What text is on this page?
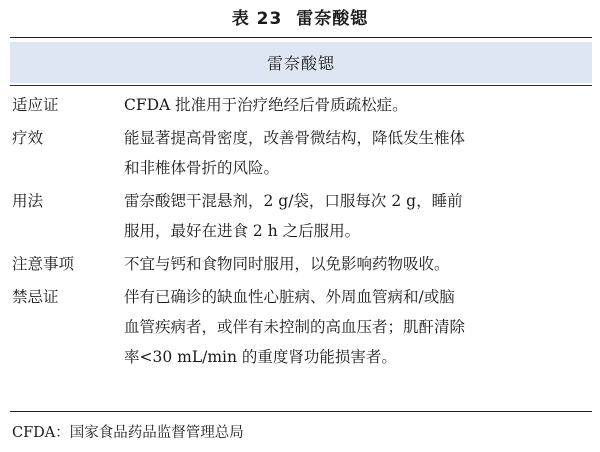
表 23 雷奈酸锶
雷奈酸锶
适应证	CFDA 批准用于治疗绝经后骨质疏松症。
疗效	能显著提高骨密度，改善骨微结构，降低发生椎体
和非椎体骨折的风险。
用法	雷奈酸锶干混悬剂，2 g/袋，口服每次 2 g，睡前
服用，最好在进食 2 h 之后服用。
注意事项	不宜与钙和食物同时服用，以免影响药物吸收。
禁忌证	伴有已确诊的缺血性心脏病、外周血管病和/或脑
血管疾病者，或伴有未控制的高血压者；肌酐清除
率<30 mL/min 的重度肾功能损害者。
CFDA：国家食品药品监督管理总局
